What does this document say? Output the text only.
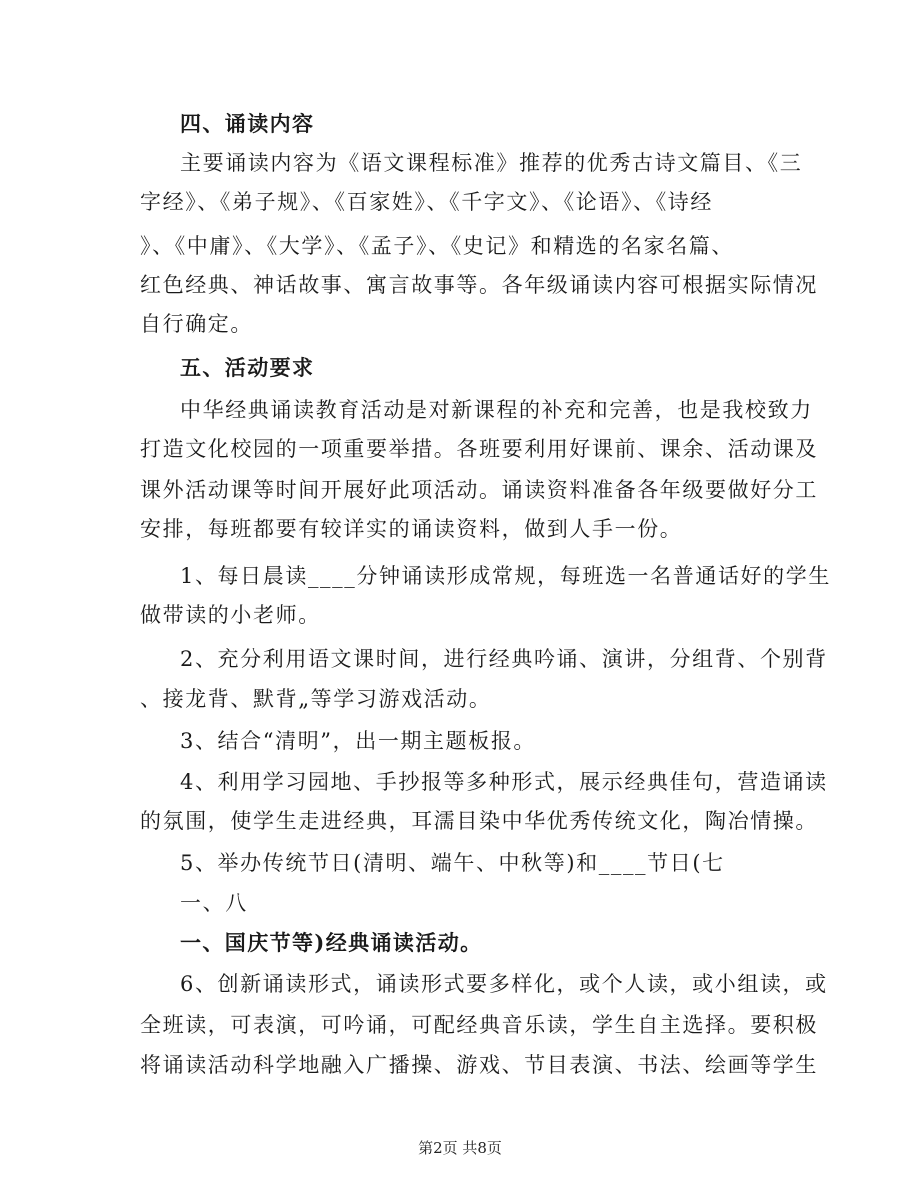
四、诵读内容
主要诵读内容为《语文课程标准》推荐的优秀古诗文篇目、《三
字经》、《弟子规》、《百家姓》、《千字文》、《论语》、《诗经
》、《中庸》、《大学》、《孟子》、《史记》和精选的名家名篇、
红色经典、神话故事、寓言故事等。各年级诵读内容可根据实际情况
自行确定。
五、活动要求
中华经典诵读教育活动是对新课程的补充和完善，也是我校致力
打造文化校园的一项重要举措。各班要利用好课前、课余、活动课及
课外活动课等时间开展好此项活动。诵读资料准备各年级要做好分工
安排，每班都要有较详实的诵读资料，做到人手一份。
1、每日晨读____分钟诵读形成常规，每班选一名普通话好的学生
做带读的小老师。
2、充分利用语文课时间，进行经典吟诵、演讲，分组背、个别背
、接龙背、默背„等学习游戏活动。
3、结合“清明”，出一期主题板报。
4、利用学习园地、手抄报等多种形式，展示经典佳句，营造诵读
的氛围，使学生走进经典，耳濡目染中华优秀传统文化，陶冶情操。
5、举办传统节日(清明、端午、中秋等)和____节日(七
一、八
一、国庆节等)经典诵读活动。
6、创新诵读形式，诵读形式要多样化，或个人读，或小组读，或
全班读，可表演，可吟诵，可配经典音乐读，学生自主选择。要积极
将诵读活动科学地融入广播操、游戏、节目表演、书法、绘画等学生
第2页 共8页
